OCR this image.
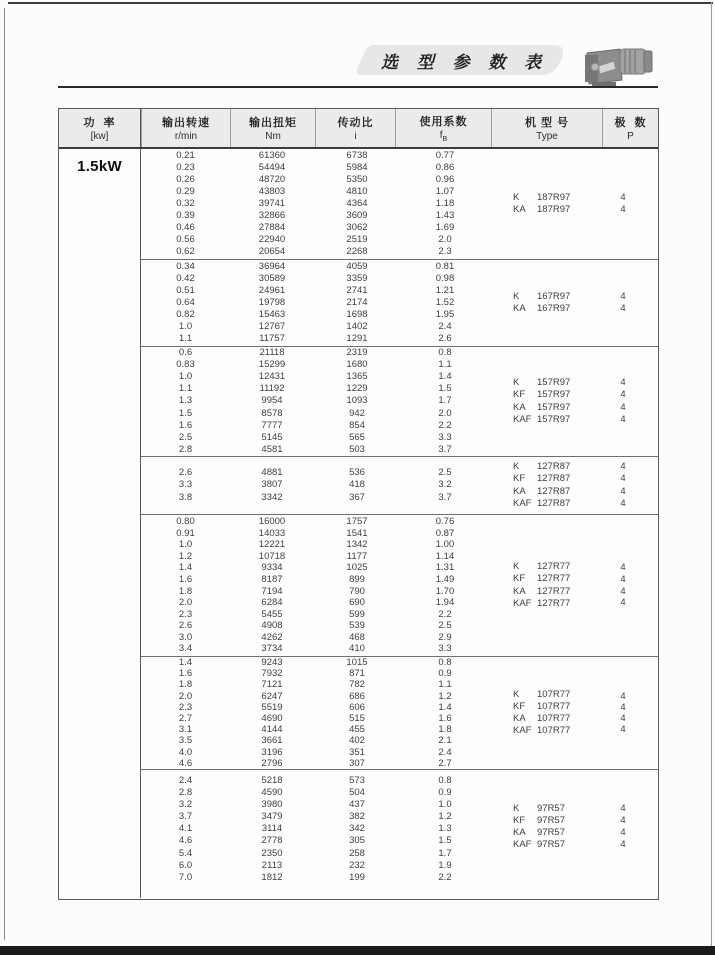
选 型 参 数 表
功  率
[kw]
输出转速
r/min
输出扭矩
Nm
传动比
i
使用系数
$f_B$
机 型 号
Type
极  数
P
1.5kW
0.21
0.23
0.26
0.29
0.32
0.39
0.46
0.56
0.62
61360
54494
48720
43803
39741
32866
27884
22940
20654
6738
5984
5350
4810
4364
3609
3062
2519
2268
0.77
0.86
0.96
1.07
1.18
1.43
1.69
2.0
2.3
K 187R97
KA 187R97
4
4
0.34
0.42
0.51
0.64
0.82
1.0
1.1
36964
30589
24961
19798
15463
12767
11757
4059
3359
2741
2174
1698
1402
1291
0.81
0.98
1.21
1.52
1.95
2.4
2.6
K 167R97
KA 167R97
4
4
0.6
0.83
1.0
1.1
1.3
1.5
1.6
2.5
2.8
21118
15299
12431
11192
9954
8578
7777
5145
4581
2319
1680
1365
1229
1093
942
854
565
503
0.8
1.1
1.4
1.5
1.7
2.0
2.2
3.3
3.7
K 157R97
KF 157R97
KA 157R97
KAF 157R97
4
4
4
4
2.6
3.3
3.8
4881
3807
3342
536
418
367
2.5
3.2
3.7
K 127R87
KF 127R87
KA 127R87
KAF 127R87
4
4
4
4
0.80
0.91
1.0
1.2
1.4
1.6
1.8
2.0
2.3
2.6
3.0
3.4
16000
14033
12221
10718
9334
8187
7194
6284
5455
4908
4262
3734
1757
1541
1342
1177
1025
899
790
690
599
539
468
410
0.76
0.87
1.00
1.14
1.31
1.49
1.70
1.94
2.2
2.5
2.9
3.3
K 127R77
KF 127R77
KA 127R77
KAF 127R77
4
4
4
4
1.4
1.6
1.8
2.0
2.3
2.7
3.1
3.5
4.0
4.6
9243
7932
7121
6247
5519
4690
4144
3661
3196
2796
1015
871
782
686
606
515
455
402
351
307
0.8
0.9
1.1
1.2
1.4
1.6
1.8
2.1
2.4
2.7
K 107R77
KF 107R77
KA 107R77
KAF 107R77
4
4
4
4
2.4
2.8
3.2
3.7
4.1
4.6
5.4
6.0
7.0
5218
4590
3980
3479
3114
2778
2350
2113
1812
573
504
437
382
342
305
258
232
199
0.8
0.9
1.0
1.2
1.3
1.5
1.7
1.9
2.2
K 97R57
KF 97R57
KA 97R57
KAF 97R57
4
4
4
4
